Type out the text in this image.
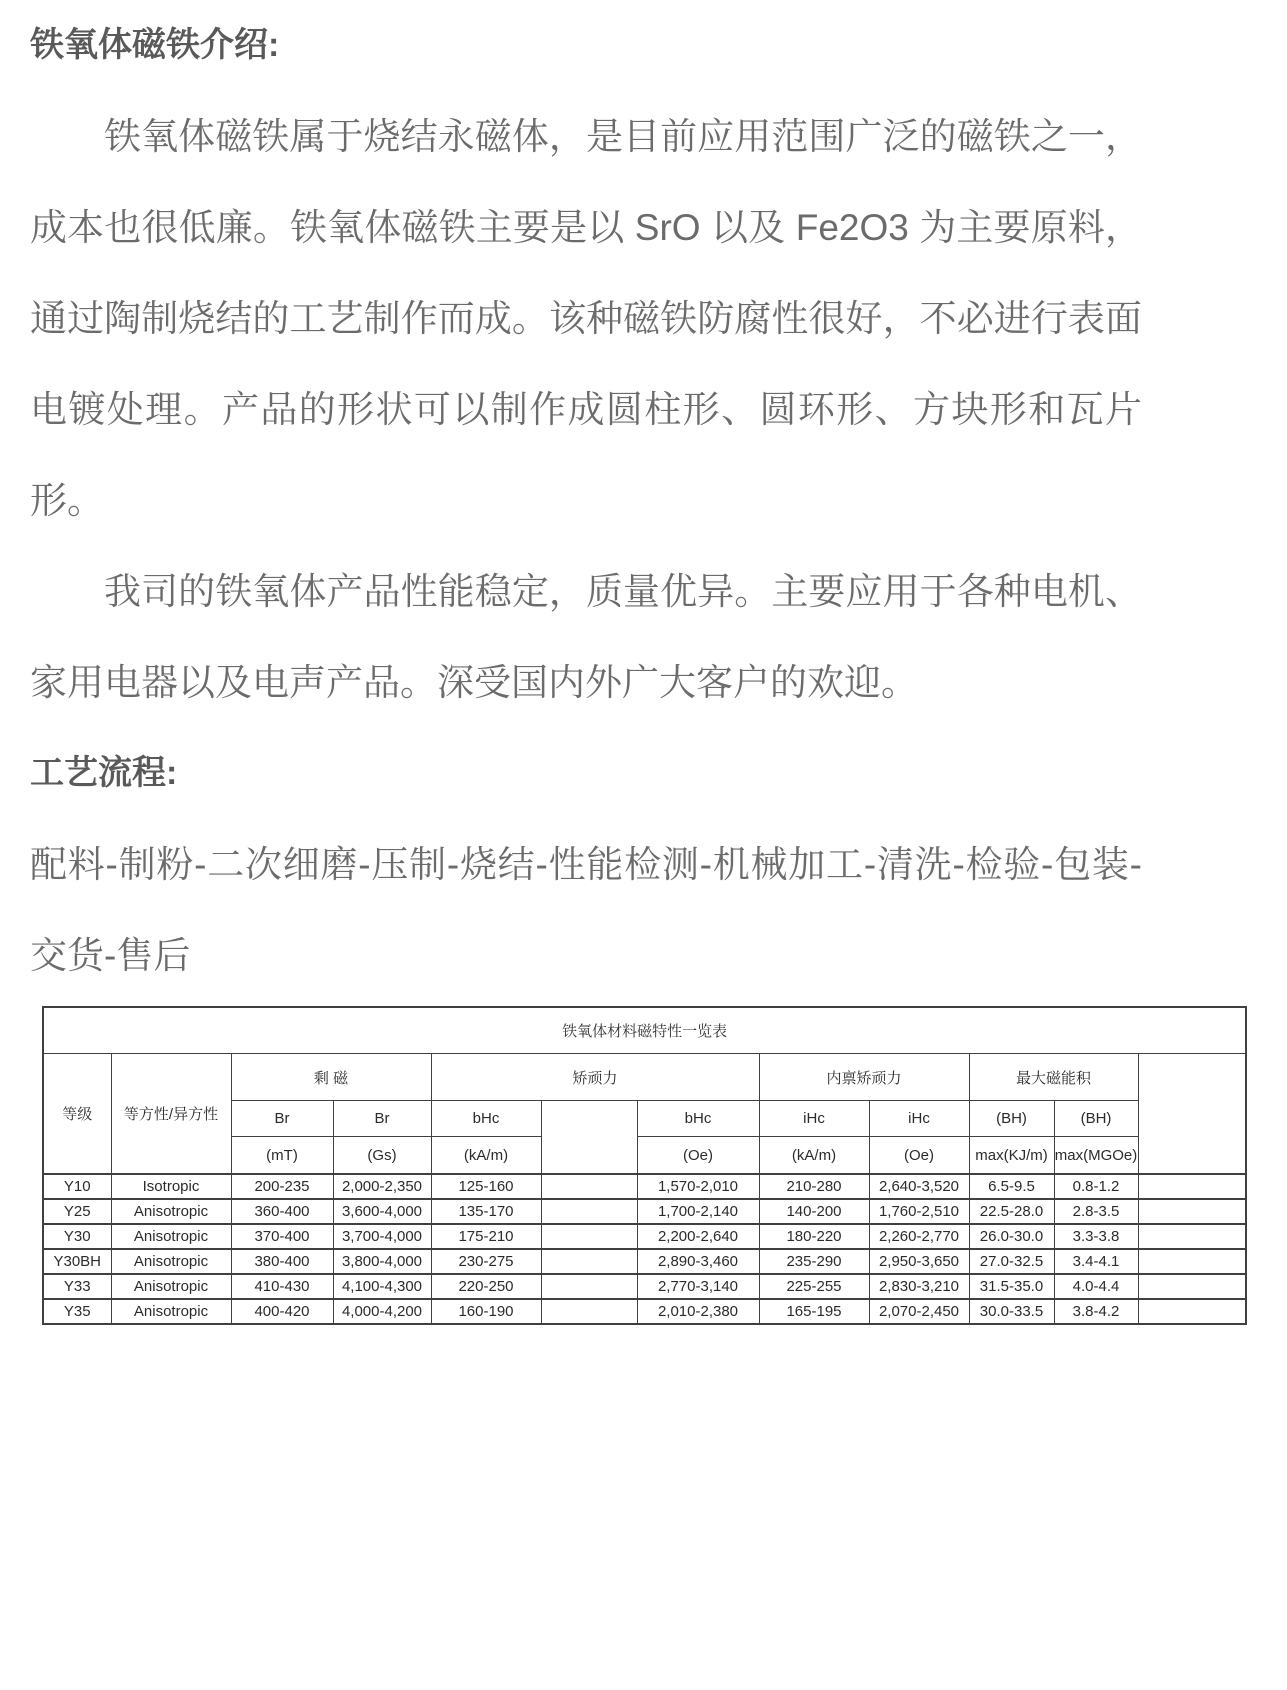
铁氧体磁铁介绍:

铁氧体磁铁属于烧结永磁体，是目前应用范围广泛的磁铁之一，成本也很低廉。铁氧体磁铁主要是以 SrO 以及 Fe2O3 为主要原料，通过陶制烧结的工艺制作而成。该种磁铁防腐性很好，不必进行表面电镀处理。产品的形状可以制作成圆柱形、圆环形、方块形和瓦片形。

我司的铁氧体产品性能稳定，质量优异。主要应用于各种电机、家用电器以及电声产品。深受国内外广大客户的欢迎。

工艺流程:

配料-制粉-二次细磨-压制-烧结-性能检测-机械加工-清洗-检验-包装-交货-售后

铁氧体材料磁特性一览表											
等级	等方性/异方性	剩 磁		矫顽力			内禀矫顽力		最大磁能积		
		Br	Br	bHc		bHc	iHc	iHc	(BH)	(BH)	
		(mT)	(Gs)	(kA/m)		(Oe)	(kA/m)	(Oe)	max(KJ/m)	max(MGOe)	
Y10	Isotropic	200-235	2,000-2,350	125-160		1,570-2,010	210-280	2,640-3,520	6.5-9.5	0.8-1.2	
Y25	Anisotropic	360-400	3,600-4,000	135-170		1,700-2,140	140-200	1,760-2,510	22.5-28.0	2.8-3.5	
Y30	Anisotropic	370-400	3,700-4,000	175-210		2,200-2,640	180-220	2,260-2,770	26.0-30.0	3.3-3.8	
Y30BH	Anisotropic	380-400	3,800-4,000	230-275		2,890-3,460	235-290	2,950-3,650	27.0-32.5	3.4-4.1	
Y33	Anisotropic	410-430	4,100-4,300	220-250		2,770-3,140	225-255	2,830-3,210	31.5-35.0	4.0-4.4	
Y35	Anisotropic	400-420	4,000-4,200	160-190		2,010-2,380	165-195	2,070-2,450	30.0-33.5	3.8-4.2	
